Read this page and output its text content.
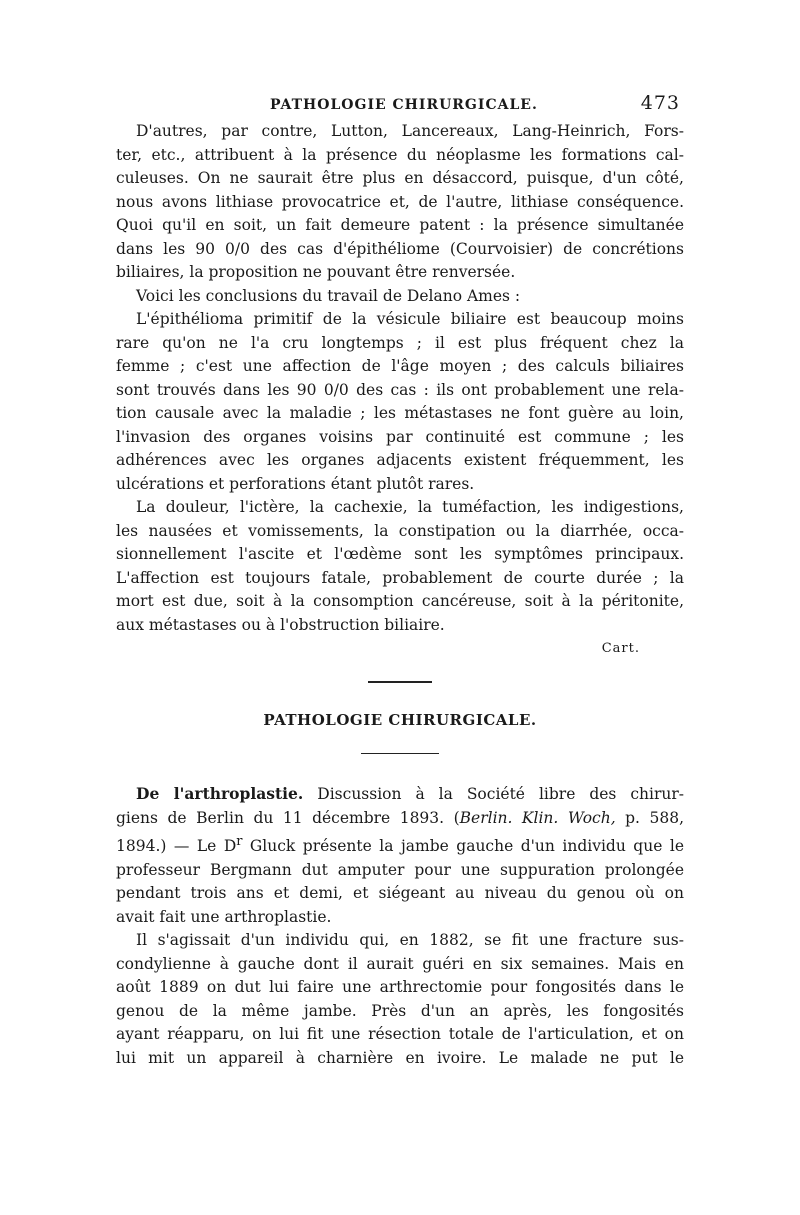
PATHOLOGIE CHIRURGICALE.	473
D'autres, par contre, Lutton, Lancereaux, Lang-Heinrich, Fors-
ter, etc., attribuent à la présence du néoplasme les formations cal-
culeuses. On ne saurait être plus en désaccord, puisque, d'un côté,
nous avons lithiase provocatrice et, de l'autre, lithiase conséquence.
Quoi qu'il en soit, un fait demeure patent : la présence simultanée
dans les 90 0/0 des cas d'épithéliome (Courvoisier) de concrétions
biliaires, la proposition ne pouvant être renversée.
Voici les conclusions du travail de Delano Ames :
L'épithélioma primitif de la vésicule biliaire est beaucoup moins
rare qu'on ne l'a cru longtemps ; il est plus fréquent chez la
femme ; c'est une affection de l'âge moyen ; des calculs biliaires
sont trouvés dans les 90 0/0 des cas : ils ont probablement une rela-
tion causale avec la maladie ; les métastases ne font guère au loin,
l'invasion des organes voisins par continuité est commune ; les
adhérences avec les organes adjacents existent fréquemment, les
ulcérations et perforations étant plutôt rares.
La douleur, l'ictère, la cachexie, la tuméfaction, les indigestions,
les nausées et vomissements, la constipation ou la diarrhée, occa-
sionnellement l'ascite et l'œdème sont les symptômes principaux.
L'affection est toujours fatale, probablement de courte durée ; la
mort est due, soit à la consomption cancéreuse, soit à la péritonite,
aux métastases ou à l'obstruction biliaire.
Cart.
PATHOLOGIE CHIRURGICALE.
De l'arthroplastie. Discussion à la Société libre des chirur-
giens de Berlin du 11 décembre 1893. (Berlin. Klin. Woch, p. 588,
1894.) — Le $D^r$ Gluck présente la jambe gauche d'un individu que le
professeur Bergmann dut amputer pour une suppuration prolongée
pendant trois ans et demi, et siégeant au niveau du genou où on
avait fait une arthroplastie.
Il s'agissait d'un individu qui, en 1882, se fit une fracture sus-
condylienne à gauche dont il aurait guéri en six semaines. Mais en
août 1889 on dut lui faire une arthrectomie pour fongosités dans le
genou de la même jambe. Près d'un an après, les fongosités
ayant réapparu, on lui fit une résection totale de l'articulation, et on
lui mit un appareil à charnière en ivoire. Le malade ne put le
